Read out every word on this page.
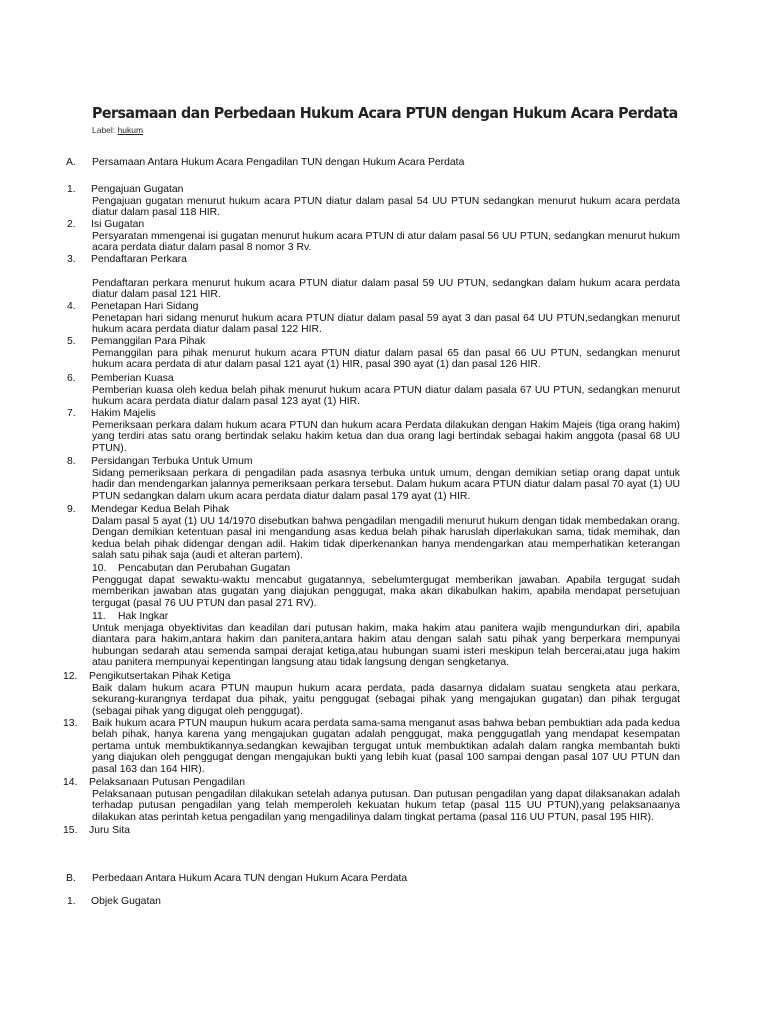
Persamaan dan Perbedaan Hukum Acara PTUN dengan Hukum Acara Perdata
Label: hukum
A. Persamaan Antara Hukum Acara Pengadilan TUN dengan Hukum Acara Perdata
1. Pengajuan Gugatan
Pengajuan gugatan menurut hukum acara PTUN diatur dalam pasal 54 UU PTUN sedangkan menurut hukum acara perdata diatur dalam pasal 118 HIR.
2. Isi Gugatan
Persyaratan mmengenai isi gugatan menurut hukum acara PTUN di atur dalam pasal 56 UU PTUN, sedangkan menurut hukum acara perdata diatur dalam pasal 8 nomor 3 Rv.
3. Pendaftaran Perkara
Pendaftaran perkara menurut hukum acara PTUN diatur dalam pasal 59 UU PTUN, sedangkan dalam hukum acara perdata diatur dalam pasal 121 HIR.
4. Penetapan Hari Sidang
Penetapan hari sidang menurut hukum acara PTUN diatur dalam pasal 59 ayat 3 dan pasal 64 UU PTUN,sedangkan menurut hukum acara perdata diatur dalam pasal 122 HIR.
5. Pemanggilan Para Pihak
Pemanggilan para pihak menurut hukum acara PTUN diatur dalam pasal 65 dan pasal 66 UU PTUN, sedangkan menurut hukum acara perdata di atur dalam pasal 121 ayat (1) HIR, pasal 390 ayat (1) dan pasal 126 HIR.
6. Pemberian Kuasa
Pemberian kuasa oleh kedua belah pihak menurut hukum acara PTUN diatur dalam pasala 67 UU PTUN, sedangkan menurut hukum acara perdata diatur dalam pasal 123 ayat (1) HIR.
7. Hakim Majelis
Pemeriksaan perkara dalam hukum acara PTUN dan hukum acara Perdata dilakukan dengan Hakim Majeis (tiga orang hakim) yang terdiri atas satu orang bertindak selaku hakim ketua dan dua orang lagi bertindak sebagai hakim anggota (pasal 68 UU PTUN).
8. Persidangan Terbuka Untuk Umum
Sidang pemeriksaan perkara di pengadilan pada asasnya terbuka untuk umum, dengan demikian setiap orang dapat untuk hadir dan mendengarkan jalannya pemeriksaan perkara tersebut. Dalam hukum acara PTUN diatur dalam pasal 70 ayat (1) UU PTUN sedangkan dalam ukum acara perdata diatur dalam pasal 179 ayat (1) HIR.
9. Mendegar Kedua Belah Pihak
Dalam pasal 5 ayat (1) UU 14/1970 disebutkan bahwa pengadilan mengadili menurut hukum dengan tidak membedakan orang. Dengan demikian ketentuan pasal ini mengandung asas kedua belah pihak haruslah diperlakukan sama, tidak memihak, dan kedua belah pihak didengar dengan adil. Hakim tidak diperkenankan hanya mendengarkan atau memperhatikan keterangan salah satu pihak saja (audi et alteran partem).
10. Pencabutan dan Perubahan Gugatan
Penggugat dapat sewaktu-waktu mencabut gugatannya, sebelumtergugat memberikan jawaban. Apabila tergugat sudah memberikan jawaban atas gugatan yang diajukan penggugat, maka akan dikabulkan hakim, apabila mendapat persetujuan tergugat (pasal 76 UU PTUN dan pasal 271 RV).
11. Hak Ingkar
Untuk menjaga obyektivitas dan keadilan dari putusan hakim, maka hakim atau panitera wajib mengundurkan diri, apabila diantara para hakim,antara hakim dan panitera,antara hakim atau dengan salah satu pihak yang berperkara mempunyai hubungan sedarah atau semenda sampai derajat ketiga,atau hubungan suami isteri meskipun telah bercerai,atau juga hakim atau panitera mempunyai kepentingan langsung atau tidak langsung dengan sengketanya.
12. Pengikutsertakan Pihak Ketiga
Baik dalam hukum acara PTUN maupun hukum acara perdata, pada dasarnya didalam suatau sengketa atau perkara, sekurang-kurangnya terdapat dua pihak, yaitu penggugat (sebagai pihak yang mengajukan gugatan) dan pihak tergugat (sebagai pihak yang digugat oleh penggugat).
13. Baik hukum acara PTUN maupun hukum acara perdata sama-sama menganut asas bahwa beban pembuktian ada pada kedua belah pihak, hanya karena yang mengajukan gugatan adalah penggugat, maka penggugatlah yang mendapat kesempatan pertama untuk membuktikannya.sedangkan kewajiban tergugat untuk membuktikan adalah dalam rangka membantah bukti yang diajukan oleh penggugat dengan mengajukan bukti yang lebih kuat (pasal 100 sampai dengan pasal 107 UU PTUN dan pasal 163 dan 164 HIR).
14. Pelaksanaan Putusan Pengadilan
Pelaksanaan putusan pengadilan dilakukan setelah adanya putusan. Dan putusan pengadilan yang dapat dilaksanakan adalah terhadap putusan pengadilan yang telah memperoleh kekuatan hukum tetap (pasal 115 UU PTUN),yang pelaksanaanya dilakukan atas perintah ketua pengadilan yang mengadilinya dalam tingkat pertama (pasal 116 UU PTUN, pasal 195 HIR).
15. Juru Sita
B. Perbedaan Antara Hukum Acara TUN dengan Hukum Acara Perdata
1. Objek Gugatan
